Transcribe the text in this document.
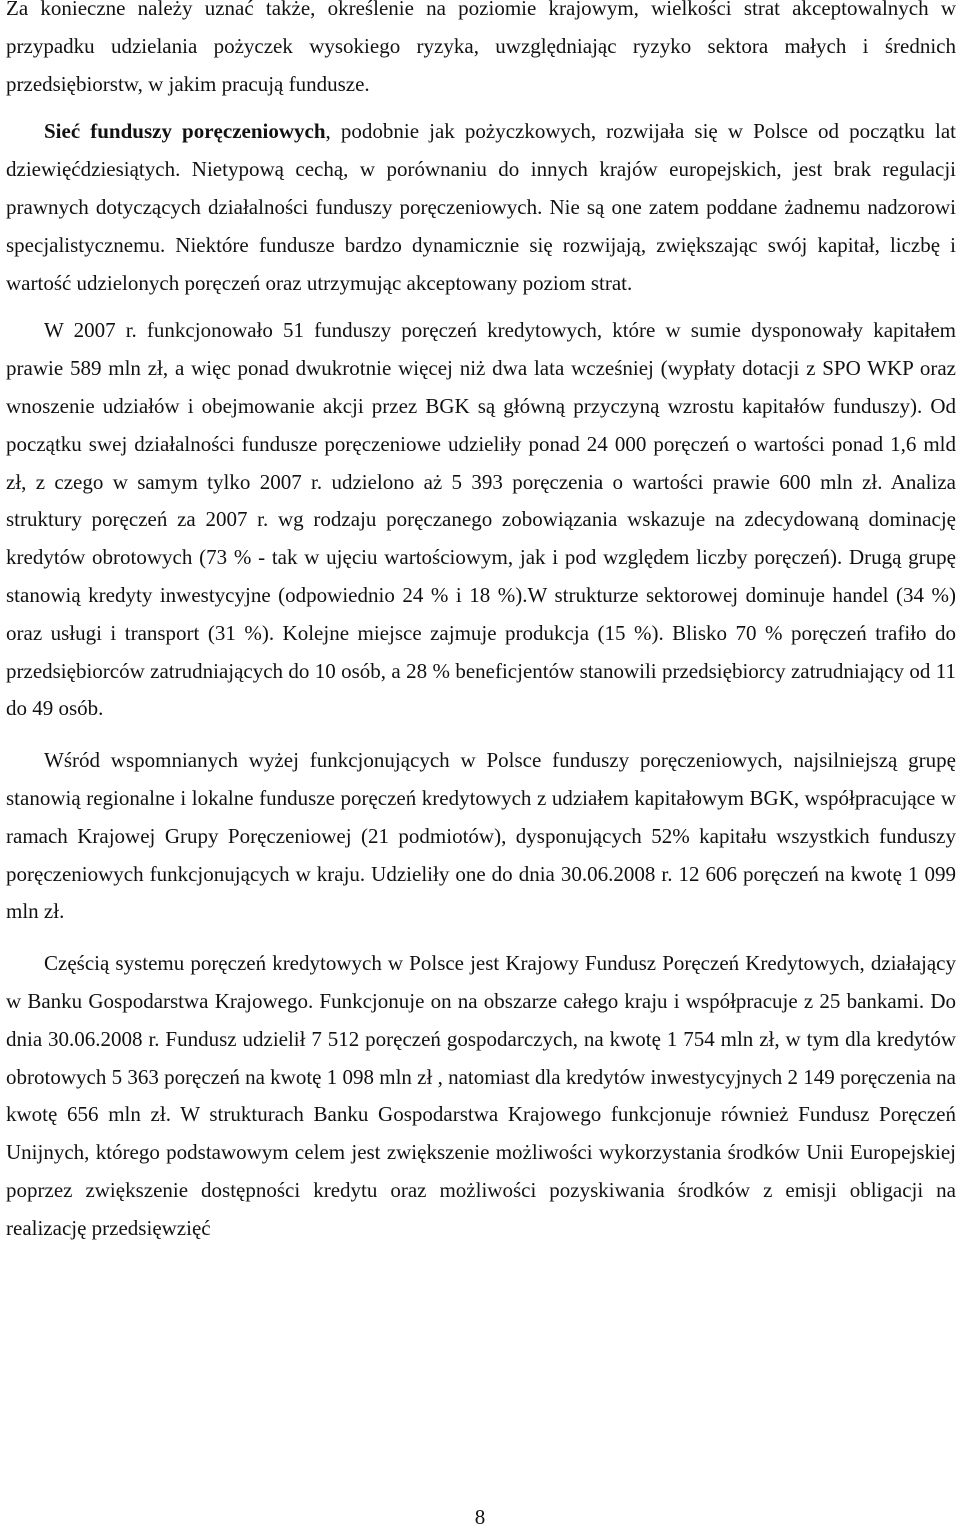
Za konieczne należy uznać także, określenie na poziomie krajowym, wielkości strat akceptowalnych w przypadku udzielania pożyczek wysokiego ryzyka, uwzględniając ryzyko sektora małych i średnich przedsiębiorstw, w jakim pracują fundusze.

Sieć funduszy poręczeniowych, podobnie jak pożyczkowych, rozwijała się w Polsce od początku lat dziewięćdziesiątych. Nietypową cechą, w porównaniu do innych krajów europejskich, jest brak regulacji prawnych dotyczących działalności funduszy poręczeniowych. Nie są one zatem poddane żadnemu nadzorowi specjalistycznemu. Niektóre fundusze bardzo dynamicznie się rozwijają, zwiększając swój kapitał, liczbę i wartość udzielonych poręczeń oraz utrzymując akceptowany poziom strat.

W 2007 r. funkcjonowało 51 funduszy poręczeń kredytowych, które w sumie dysponowały kapitałem prawie 589 mln zł, a więc ponad dwukrotnie więcej niż dwa lata wcześniej (wypłaty dotacji z SPO WKP oraz wnoszenie udziałów i obejmowanie akcji przez BGK są główną przyczyną wzrostu kapitałów funduszy). Od początku swej działalności fundusze poręczeniowe udzieliły ponad 24 000 poręczeń o wartości ponad 1,6 mld zł, z czego w samym tylko 2007 r. udzielono aż 5 393 poręczenia o wartości prawie 600 mln zł. Analiza struktury poręczeń za 2007 r. wg rodzaju poręczanego zobowiązania wskazuje na zdecydowaną dominację kredytów obrotowych (73 % - tak w ujęciu wartościowym, jak i pod względem liczby poręczeń). Drugą grupę stanowią kredyty inwestycyjne (odpowiednio 24 % i 18 %).W strukturze sektorowej dominuje handel (34 %) oraz usługi i transport (31 %). Kolejne miejsce zajmuje produkcja (15 %). Blisko 70 % poręczeń trafiło do przedsiębiorców zatrudniających do 10 osób, a 28 % beneficjentów stanowili przedsiębiorcy zatrudniający od 11 do 49 osób.

Wśród wspomnianych wyżej funkcjonujących w Polsce funduszy poręczeniowych, najsilniejszą grupę stanowią regionalne i lokalne fundusze poręczeń kredytowych z udziałem kapitałowym BGK, współpracujące w ramach Krajowej Grupy Poręczeniowej (21 podmiotów), dysponujących 52% kapitału wszystkich funduszy poręczeniowych funkcjonujących w kraju. Udzieliły one do dnia 30.06.2008 r. 12 606 poręczeń na kwotę 1 099 mln zł.

Częścią systemu poręczeń kredytowych w Polsce jest Krajowy Fundusz Poręczeń Kredytowych, działający w Banku Gospodarstwa Krajowego. Funkcjonuje on na obszarze całego kraju i współpracuje z 25 bankami. Do dnia 30.06.2008 r. Fundusz udzielił 7 512 poręczeń gospodarczych, na kwotę 1 754 mln zł, w tym dla kredytów obrotowych 5 363 poręczeń na kwotę 1 098 mln zł , natomiast dla kredytów inwestycyjnych 2 149 poręczenia na kwotę 656 mln zł. W strukturach Banku Gospodarstwa Krajowego funkcjonuje również Fundusz Poręczeń Unijnych, którego podstawowym celem jest zwiększenie możliwości wykorzystania środków Unii Europejskiej poprzez zwiększenie dostępności kredytu oraz możliwości pozyskiwania środków z emisji obligacji na realizację przedsięwzięć

8
